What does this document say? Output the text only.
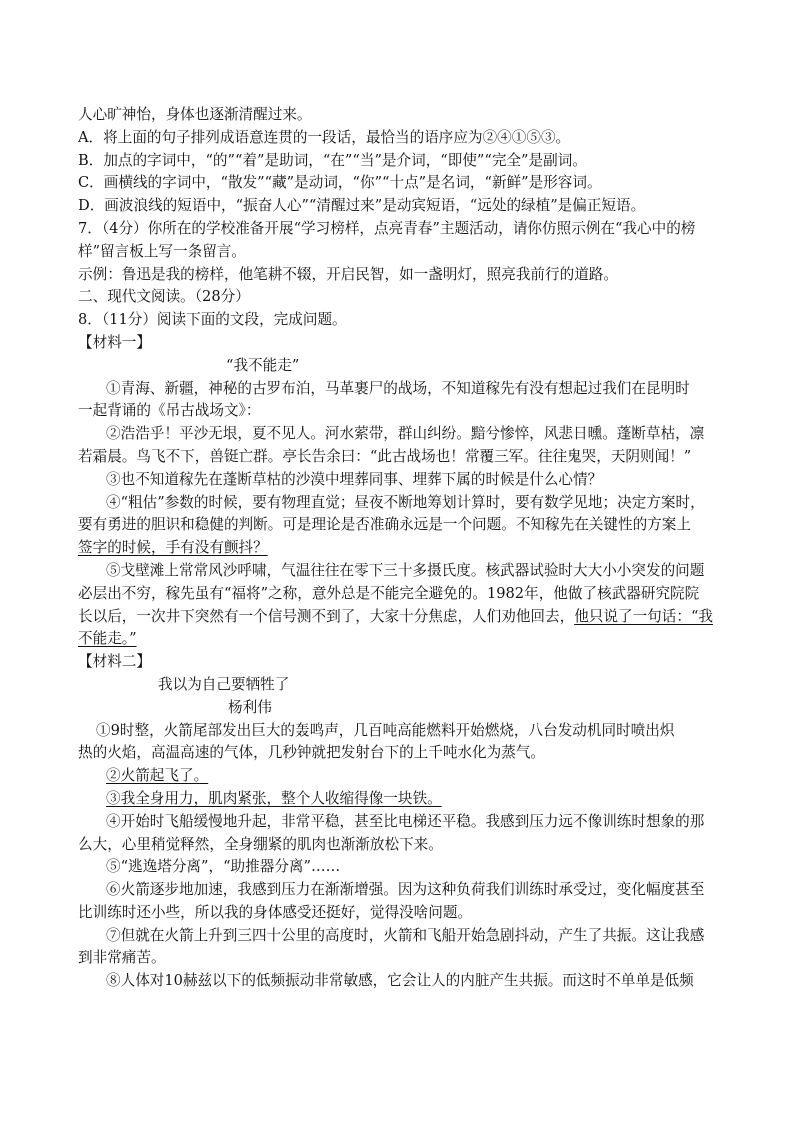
人心旷神怡，身体也逐渐清醒过来。
A．将上面的句子排列成语意连贯的一段话，最恰当的语序应为②④①⑤③。
B．加点的字词中，“的”“着”是助词，“在”“当”是介词，“即使”“完全”是副词。
C．画横线的字词中，“散发”“藏”是动词，“你”“十点”是名词，“新鲜”是形容词。
D．画波浪线的短语中，“振奋人心”“清醒过来”是动宾短语，“远处的绿植”是偏正短语。
7．（4分）你所在的学校准备开展“学习榜样，点亮青春”主题活动，请你仿照示例在“我心中的榜
样”留言板上写一条留言。
示例：鲁迅是我的榜样，他笔耕不辍，开启民智，如一盏明灯，照亮我前行的道路。
二、现代文阅读。（28分）
8．（11分）阅读下面的文段，完成问题。
【材料一】
“我不能走”
①青海、新疆，神秘的古罗布泊，马革裹尸的战场，不知道稼先有没有想起过我们在昆明时
一起背诵的《吊古战场文》：
②浩浩乎！平沙无垠，夏不见人。河水萦带，群山纠纷。黯兮惨悴，风悲日曛。蓬断草枯，凛
若霜晨。鸟飞不下，兽铤亡群。亭长告余曰：“此古战场也！常覆三军。往往鬼哭，天阴则闻！”
③也不知道稼先在蓬断草枯的沙漠中埋葬同事、埋葬下属的时候是什么心情？
④“粗估”参数的时候，要有物理直觉；昼夜不断地筹划计算时，要有数学见地；决定方案时，
要有勇进的胆识和稳健的判断。可是理论是否准确永远是一个问题。不知稼先在关键性的方案上
签字的时候，手有没有颤抖？
⑤戈壁滩上常常风沙呼啸，气温往往在零下三十多摄氏度。核武器试验时大大小小突发的问题
必层出不穷，稼先虽有“福将”之称，意外总是不能完全避免的。1982年，他做了核武器研究院院
长以后，一次井下突然有一个信号测不到了，大家十分焦虑，人们劝他回去，他只说了一句话：“我
不能走。”
【材料二】
我以为自己要牺牲了
杨利伟
①9时整，火箭尾部发出巨大的轰鸣声，几百吨高能燃料开始燃烧，八台发动机同时喷出炽
热的火焰，高温高速的气体，几秒钟就把发射台下的上千吨水化为蒸气。
②火箭起飞了。
③我全身用力，肌肉紧张，整个人收缩得像一块铁。
④开始时飞船缓慢地升起，非常平稳，甚至比电梯还平稳。我感到压力远不像训练时想象的那
么大，心里稍觉释然，全身绷紧的肌肉也渐渐放松下来。
⑤“逃逸塔分离”，“助推器分离”……
⑥火箭逐步地加速，我感到压力在渐渐增强。因为这种负荷我们训练时承受过，变化幅度甚至
比训练时还小些，所以我的身体感受还挺好，觉得没啥问题。
⑦但就在火箭上升到三四十公里的高度时，火箭和飞船开始急剧抖动，产生了共振。这让我感
到非常痛苦。
⑧人体对10赫兹以下的低频振动非常敏感，它会让人的内脏产生共振。而这时不单单是低频
